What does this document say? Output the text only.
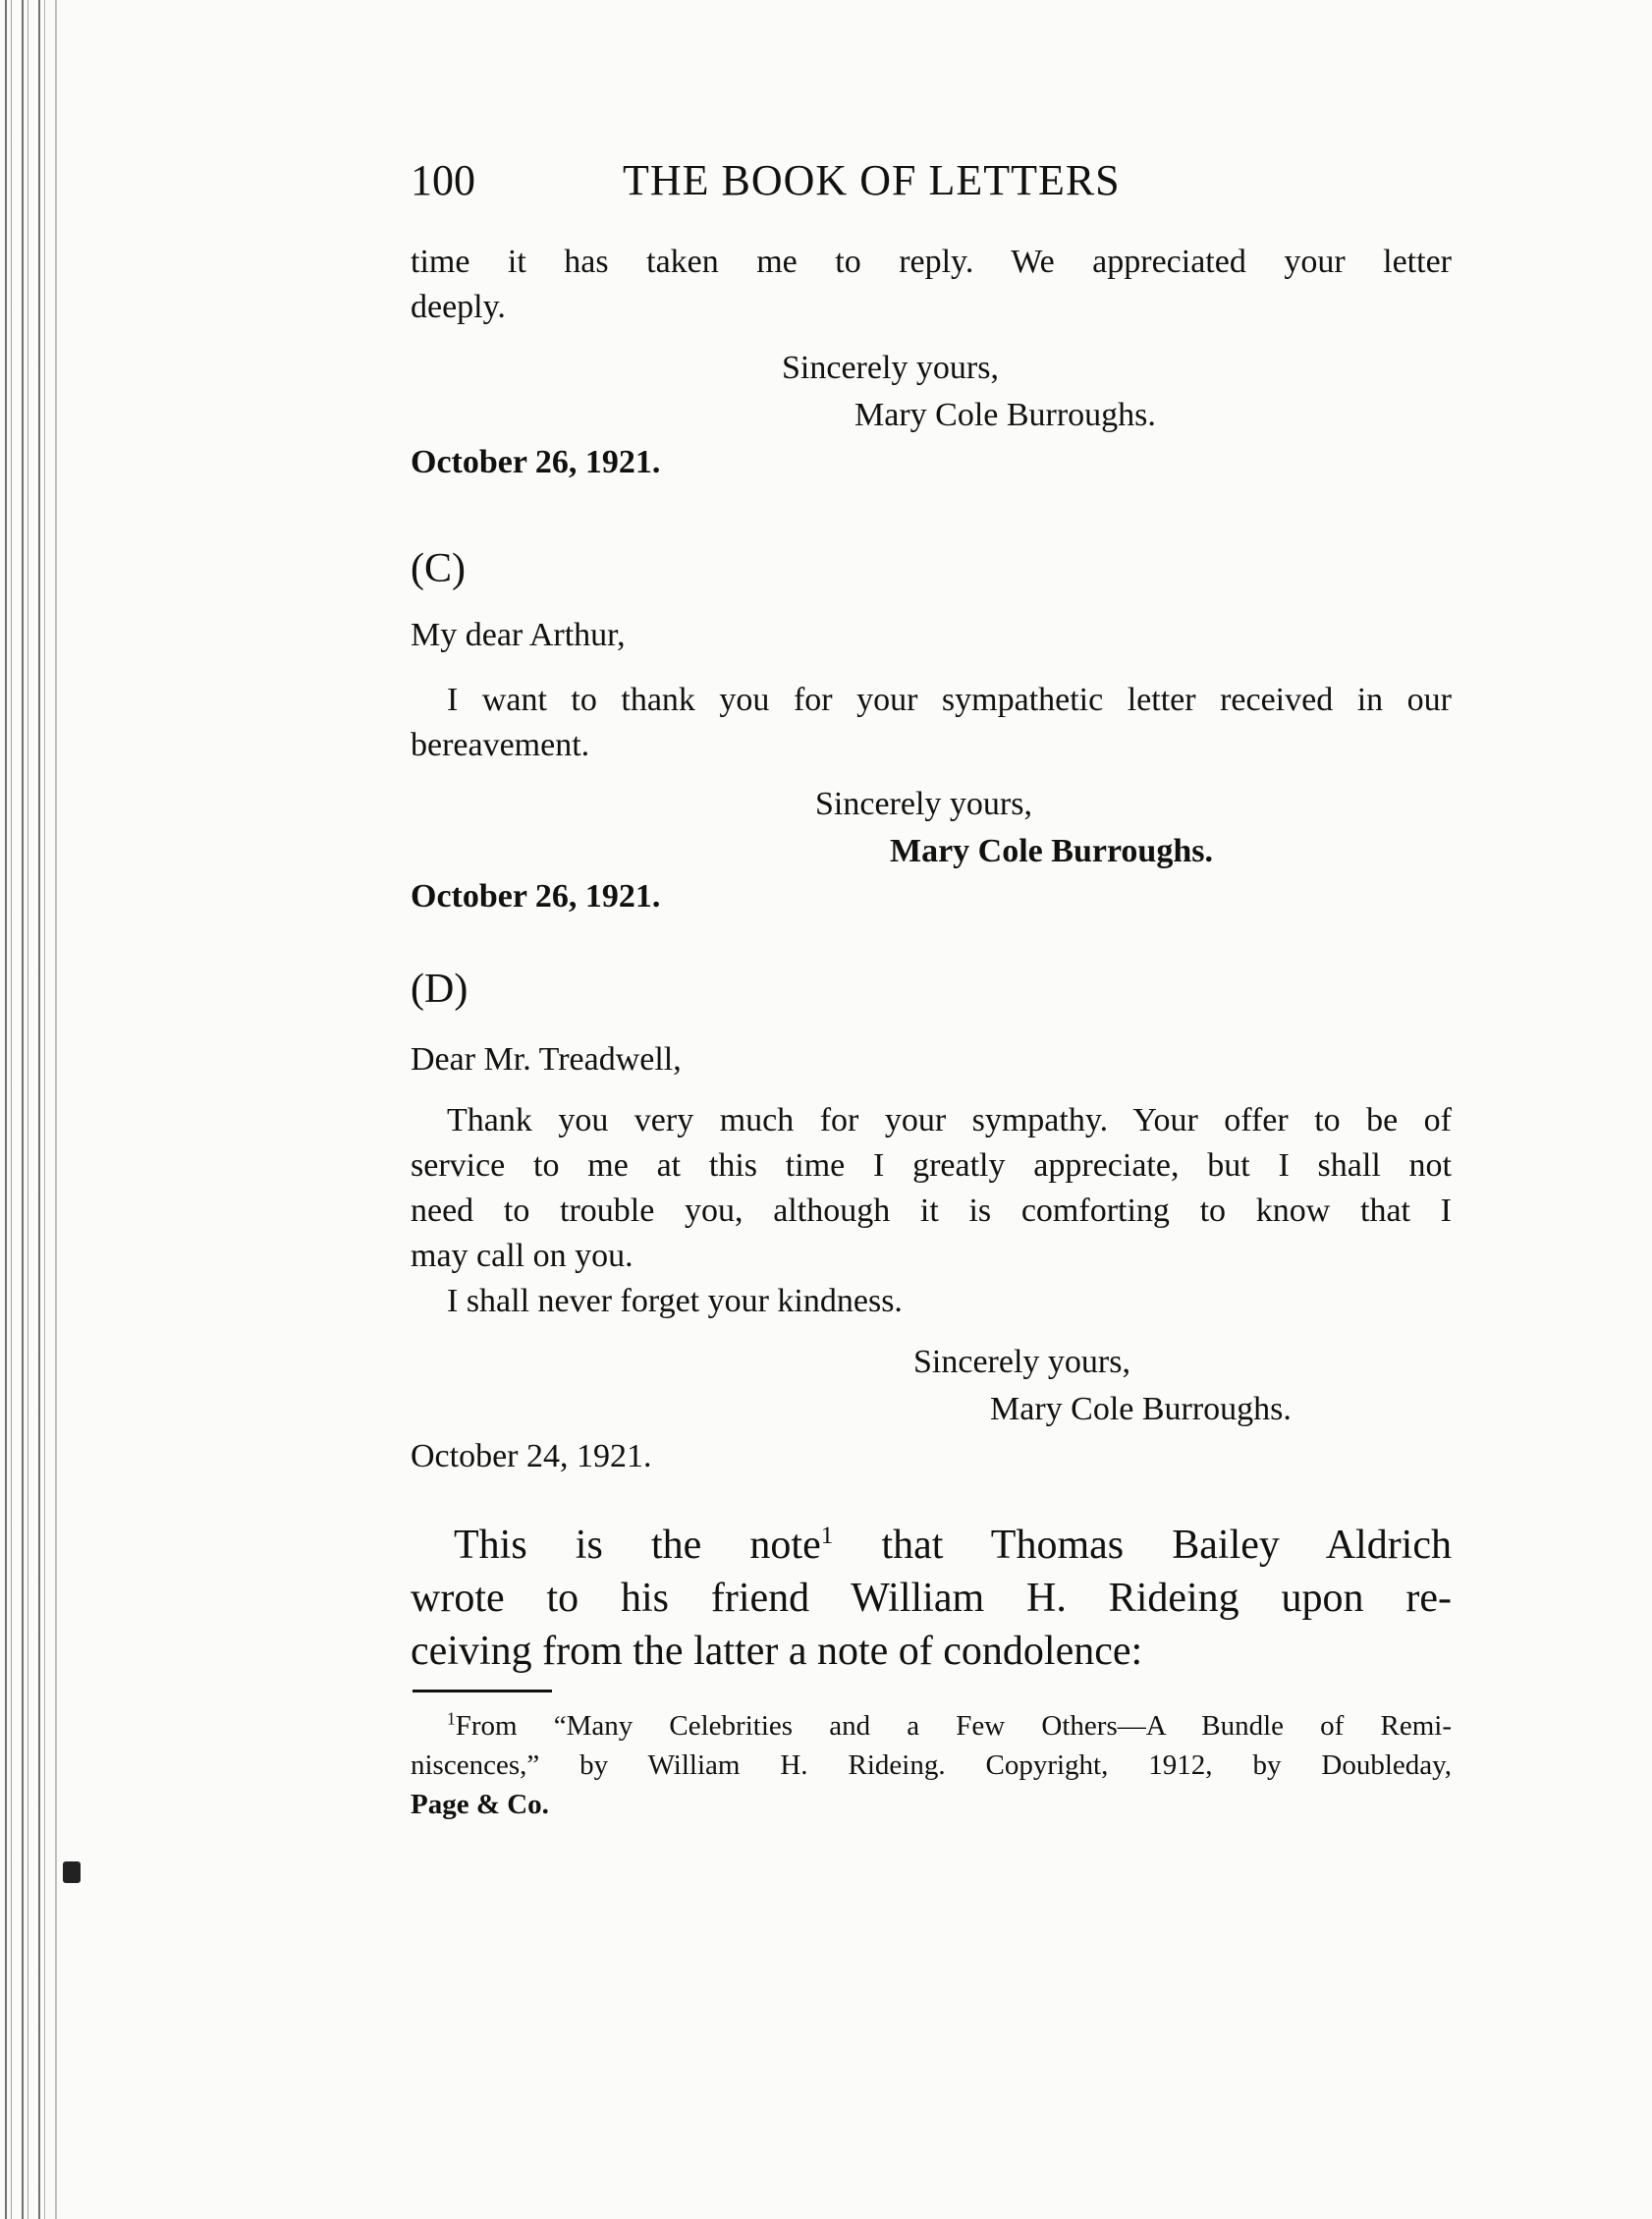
100	THE BOOK OF LETTERS
time it has taken me to reply. We appreciated your letter
deeply.
Sincerely yours,
Mary Cole Burroughs.
October 26, 1921.
(C)
My dear Arthur,
I want to thank you for your sympathetic letter received in our
bereavement.
Sincerely yours,
Mary Cole Burroughs.
October 26, 1921.
(D)
Dear Mr. Treadwell,
Thank you very much for your sympathy. Your offer to be of
service to me at this time I greatly appreciate, but I shall not
need to trouble you, although it is comforting to know that I
may call on you.
I shall never forget your kindness.
Sincerely yours,
Mary Cole Burroughs.
October 24, 1921.
This is the note$^1$ that Thomas Bailey Aldrich
wrote to his friend William H. Rideing upon re-
ceiving from the latter a note of condolence:
$^1$From “Many Celebrities and a Few Others—A Bundle of Remi-
niscences,” by William H. Rideing. Copyright, 1912, by Doubleday,
Page & Co.
